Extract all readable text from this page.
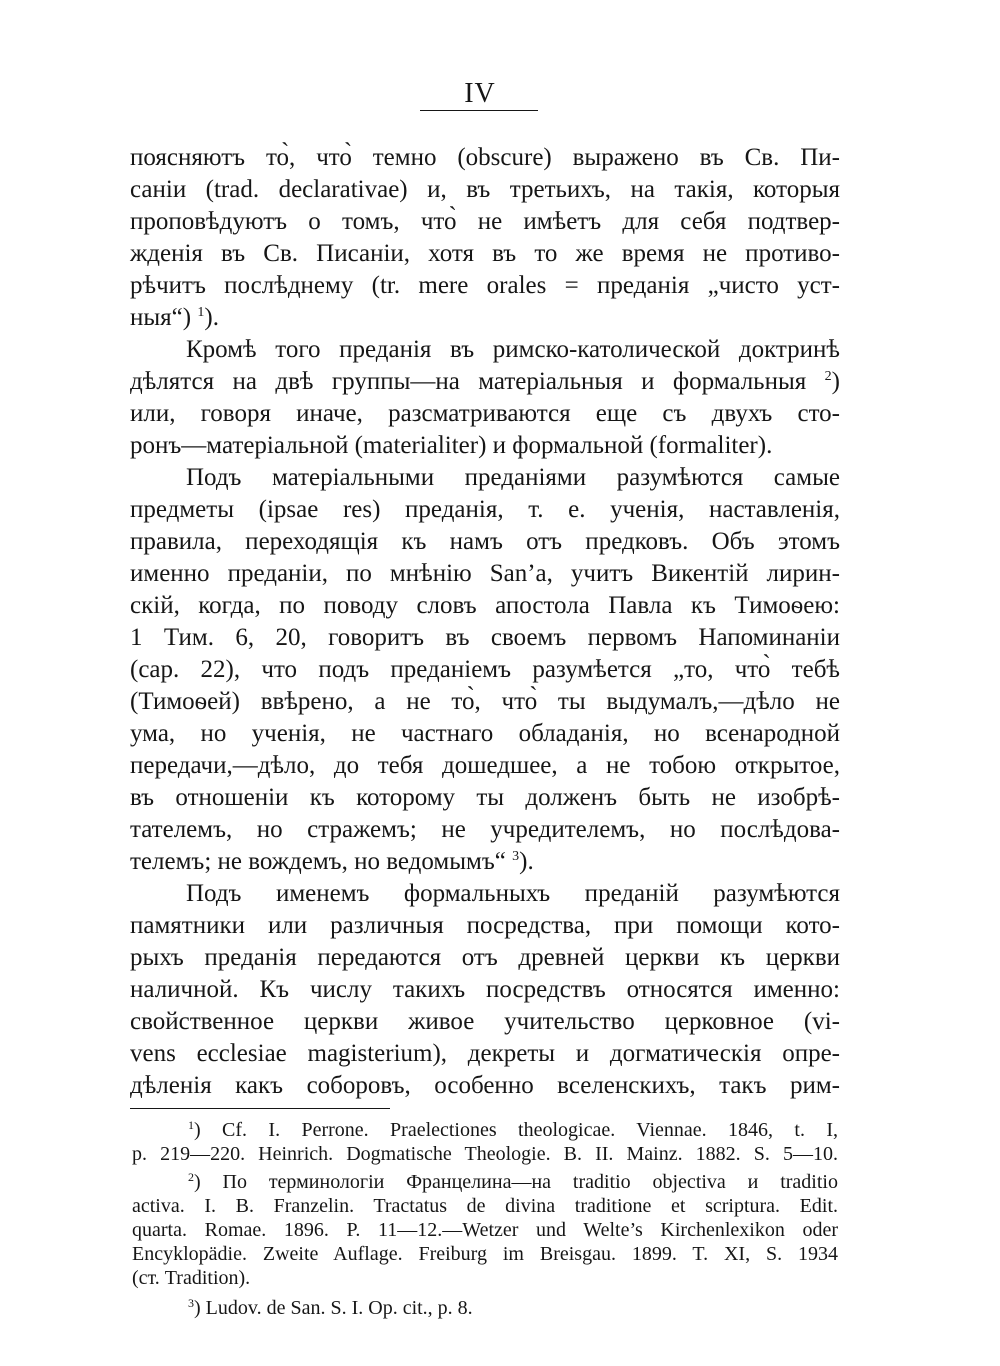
IV
поясняютъ то̀, что̀ темно (obscure) выражено въ Св. Пи-
саніи (trad. declarativae) и, въ третьихъ, на такія, которыя
проповѣдуютъ о томъ, что̀ не имѣетъ для себя подтвер-
жденія въ Св. Писаніи, хотя въ то же время не противо-
рѣчитъ послѣднему (tr. mere orales = преданія „чисто уст-
ныя“) $^1$).
Кромѣ того преданія въ римско-католической доктринѣ
дѣлятся на двѣ группы—на матеріальныя и формальныя $^2$)
или, говоря иначе, разсматриваются еще съ двухъ сто-
ронъ—матеріальной (materialiter) и формальной (formaliter).
Подъ матеріальными преданіями разумѣются самые
предметы (ipsae res) преданія, т. е. ученія, наставленія,
правила, переходящія къ намъ отъ предковъ. Объ этомъ
именно преданіи, по мнѣнію San’a, учитъ Викентій лирин-
скій, когда, по поводу словъ апостола Павла къ Тимоѳею:
1 Тим. 6, 20, говоритъ въ своемъ первомъ Напоминаніи
(cap. 22), что подъ преданіемъ разумѣется „то, что̀ тебѣ
(Тимоѳей) ввѣрено, а не то̀, что̀ ты выдумалъ,—дѣло не
ума, но ученія, не частнаго обладанія, но всенародной
передачи,—дѣло, до тебя дошедшее, а не тобою открытое,
въ отношеніи къ которому ты долженъ быть не изобрѣ-
тателемъ, но стражемъ; не учредителемъ, но послѣдова-
телемъ; не вождемъ, но ведомымъ“ $^3$).
Подъ именемъ формальныхъ преданій разумѣются
памятники или различныя посредства, при помощи кото-
рыхъ преданія передаются отъ древней церкви къ церкви
наличной. Къ числу такихъ посредствъ относятся именно:
свойственное церкви живое учительство церковное (vi-
vens ecclesiae magisterium), декреты и догматическія опре-
дѣленія какъ соборовъ, особенно вселенскихъ, такъ рим-
$^1$) Cf. I. Perrone. Praelectiones theologicae. Viennae. 1846, t. I,
p. 219—220. Heinrich. Dogmatische Theologie. B. II. Mainz. 1882. S. 5—10.
$^2$) По терминологіи Францелина—на traditio objectiva и traditio
activa. I. B. Franzelin. Tractatus de divina traditione et scriptura. Edit.
quarta. Romae. 1896. P. 11—12.—Wetzer und Welte’s Kirchenlexikon oder
Encyklopädie. Zweite Auflage. Freiburg im Breisgau. 1899. T. XI, S. 1934
(cт. Tradition).
$^3$) Ludov. de San. S. I. Op. cit., p. 8.
